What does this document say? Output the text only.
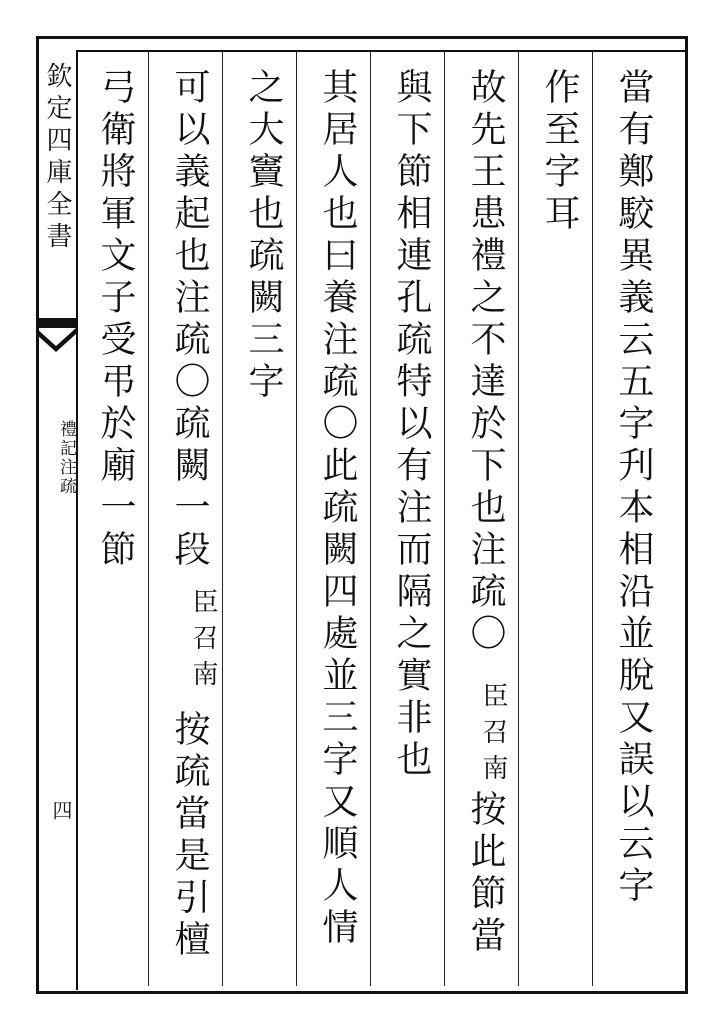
欽定四庫全書
禮記注疏
四	當有鄭駮異義云五字刋本相沿並脫又誤以云字
作至字耳
故先王患禮之不達於下也注疏〇
臣召南
按此節當
與下節相連孔疏特以有注而隔之實非也
其居人也曰養注疏〇此疏闕四處並三字又順人情
之大竇也疏闕三字
可以義起也注疏〇疏闕一段
臣召南
按疏當是引檀
弓衛將軍文子受弔於廟一節
